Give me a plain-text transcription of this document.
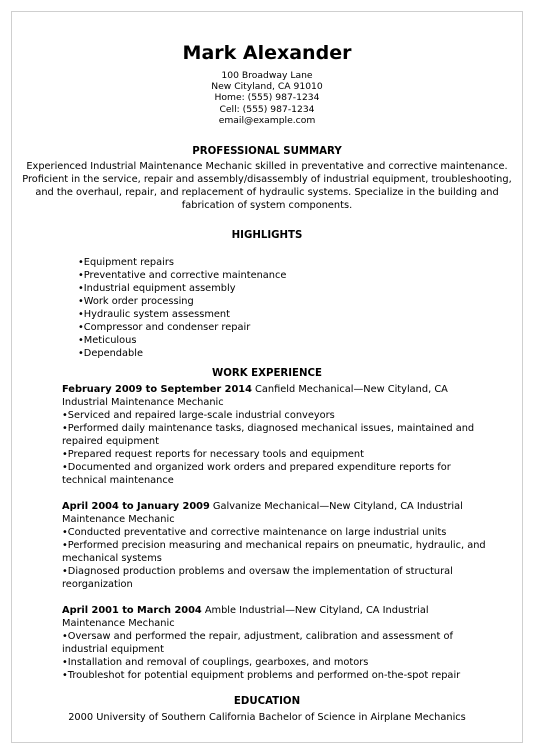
Mark Alexander
100 Broadway Lane
New Cityland, CA 91010
Home: (555) 987-1234
Cell: (555) 987-1234
email@example.com
PROFESSIONAL SUMMARY
Experienced Industrial Maintenance Mechanic skilled in preventative and corrective maintenance. Proficient in the service, repair and assembly/disassembly of industrial equipment, troubleshooting, and the overhaul, repair, and replacement of hydraulic systems. Specialize in the building and fabrication of system components.
HIGHLIGHTS
•Equipment repairs
•Preventative and corrective maintenance
•Industrial equipment assembly
•Work order processing
•Hydraulic system assessment
•Compressor and condenser repair
•Meticulous
•Dependable
WORK EXPERIENCE
February 2009 to September 2014 Canfield Mechanical—New Cityland, CA Industrial Maintenance Mechanic
•Serviced and repaired large-scale industrial conveyors
•Performed daily maintenance tasks, diagnosed mechanical issues, maintained and repaired equipment
•Prepared request reports for necessary tools and equipment
•Documented and organized work orders and prepared expenditure reports for technical maintenance
April 2004 to January 2009 Galvanize Mechanical—New Cityland, CA Industrial Maintenance Mechanic
•Conducted preventative and corrective maintenance on large industrial units
•Performed precision measuring and mechanical repairs on pneumatic, hydraulic, and mechanical systems
•Diagnosed production problems and oversaw the implementation of structural reorganization
April 2001 to March 2004 Amble Industrial—New Cityland, CA Industrial Maintenance Mechanic
•Oversaw and performed the repair, adjustment, calibration and assessment of industrial equipment
•Installation and removal of couplings, gearboxes, and motors
•Troubleshot for potential equipment problems and performed on-the-spot repair
EDUCATION
2000 University of Southern California Bachelor of Science in Airplane Mechanics
